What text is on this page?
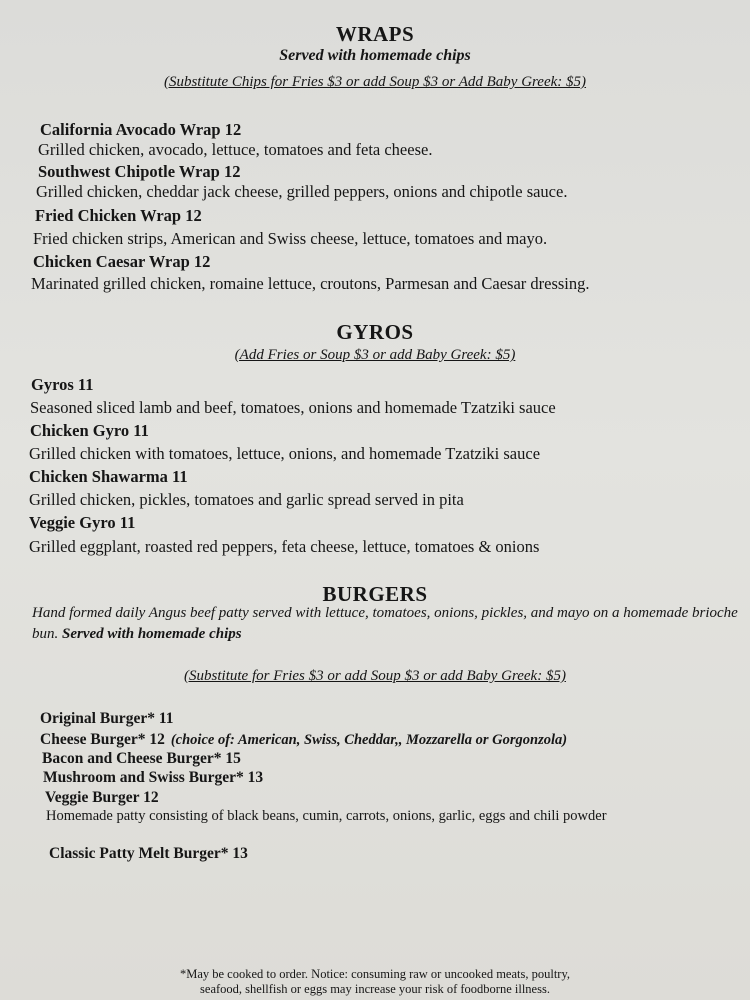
WRAPS
Served with homemade chips
(Substitute Chips for Fries $3 or add Soup $3 or Add Baby Greek: $5)
California Avocado Wrap 12
Grilled chicken, avocado, lettuce, tomatoes and feta cheese.
Southwest Chipotle Wrap 12
Grilled chicken, cheddar jack cheese, grilled peppers, onions and chipotle sauce.
Fried Chicken Wrap 12
Fried chicken strips, American and Swiss cheese, lettuce, tomatoes and mayo.
Chicken Caesar Wrap 12
Marinated grilled chicken, romaine lettuce, croutons, Parmesan and Caesar dressing.
GYROS
(Add Fries or Soup $3 or add Baby Greek: $5)
Gyros 11
Seasoned sliced lamb and beef, tomatoes, onions and homemade Tzatziki sauce
Chicken Gyro 11
Grilled chicken with tomatoes, lettuce, onions, and homemade Tzatziki sauce
Chicken Shawarma 11
Grilled chicken, pickles, tomatoes and garlic spread served in pita
Veggie Gyro 11
Grilled eggplant, roasted red peppers, feta cheese, lettuce, tomatoes & onions
BURGERS
Hand formed daily Angus beef patty served with lettuce, tomatoes, onions, pickles, and mayo on a homemade brioche bun. Served with homemade chips
(Substitute for Fries $3 or add Soup $3 or add Baby Greek: $5)
Original Burger* 11
Cheese Burger* 12 (choice of: American, Swiss, Cheddar,, Mozzarella or Gorgonzola)
Bacon and Cheese Burger* 15
Mushroom and Swiss Burger* 13
Veggie Burger 12
Homemade patty consisting of black beans, cumin, carrots, onions, garlic, eggs and chili powder
Classic Patty Melt Burger* 13
*May be cooked to order. Notice: consuming raw or uncooked meats, poultry,
seafood, shellfish or eggs may increase your risk of foodborne illness.
